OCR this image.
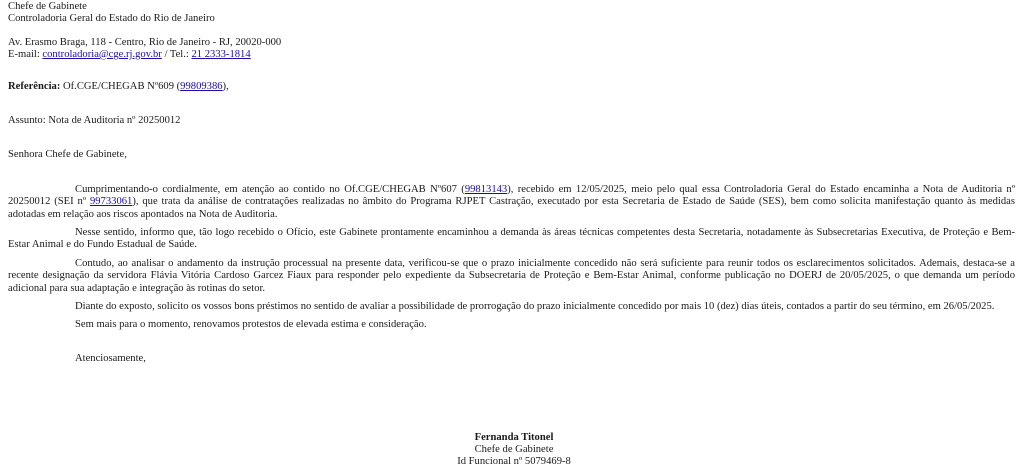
Chefe de Gabinete
Controladoria Geral do Estado do Rio de Janeiro
Av. Erasmo Braga, 118 - Centro, Rio de Janeiro - RJ, 20020-000
E-mail: controladoria@cge.rj.gov.br / Tel.: 21 2333-1814
Referência: Of.CGE/CHEGAB Nº609 (99809386),
Assunto: Nota de Auditoria nº 20250012
Senhora Chefe de Gabinete,
Cumprimentando-o cordialmente, em atenção ao contido no Of.CGE/CHEGAB Nº607 (99813143), recebido em 12/05/2025, meio pelo qual essa Controladoria Geral do Estado encaminha a Nota de Auditoria nº 20250012 (SEI nº 99733061), que trata da análise de contratações realizadas no âmbito do Programa RJPET Castração, executado por esta Secretaria de Estado de Saúde (SES), bem como solicita manifestação quanto às medidas adotadas em relação aos riscos apontados na Nota de Auditoria.
Nesse sentido, informo que, tão logo recebido o Ofício, este Gabinete prontamente encaminhou a demanda às áreas técnicas competentes desta Secretaria, notadamente às Subsecretarias Executiva, de Proteção e Bem-Estar Animal e do Fundo Estadual de Saúde.
Contudo, ao analisar o andamento da instrução processual na presente data, verificou-se que o prazo inicialmente concedido não será suficiente para reunir todos os esclarecimentos solicitados. Ademais, destaca-se a recente designação da servidora Flávia Vitória Cardoso Garcez Fiaux para responder pelo expediente da Subsecretaria de Proteção e Bem-Estar Animal, conforme publicação no DOERJ de 20/05/2025, o que demanda um período adicional para sua adaptação e integração às rotinas do setor.
Diante do exposto, solicito os vossos bons préstimos no sentido de avaliar a possibilidade de prorrogação do prazo inicialmente concedido por mais 10 (dez) dias úteis, contados a partir do seu término, em 26/05/2025.
Sem mais para o momento, renovamos protestos de elevada estima e consideração.
Atenciosamente,
Fernanda Titonel
Chefe de Gabinete
Id Funcional nº 5079469-8
